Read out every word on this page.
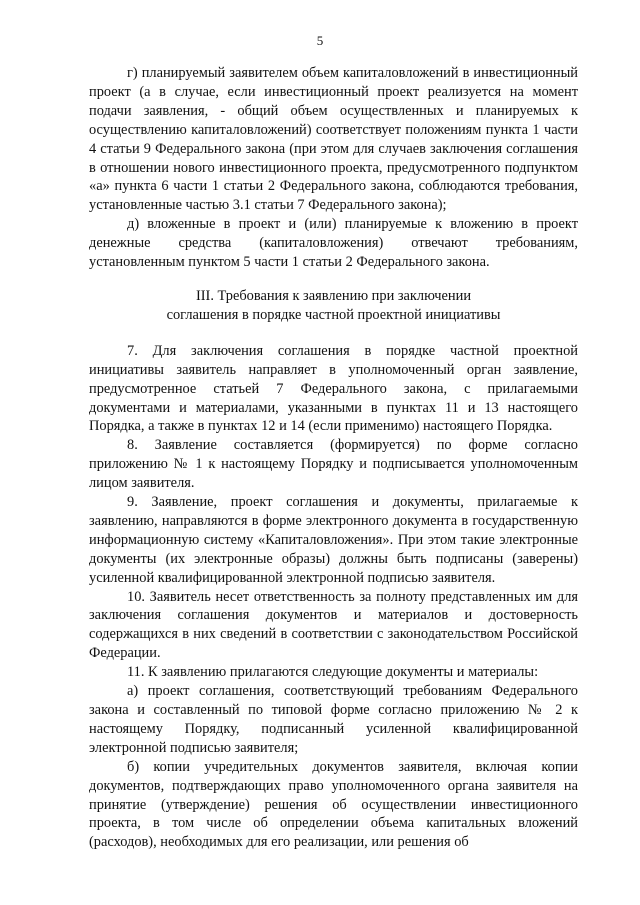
5

г) планируемый заявителем объем капиталовложений в инвестиционный проект (а в случае, если инвестиционный проект реализуется на момент подачи заявления, - общий объем осуществленных и планируемых к осуществлению капиталовложений) соответствует положениям пункта 1 части 4 статьи 9 Федерального закона (при этом для случаев заключения соглашения в отношении нового инвестиционного проекта, предусмотренного подпунктом «а» пункта 6 части 1 статьи 2 Федерального закона, соблюдаются требования, установленные частью 3.1 статьи 7 Федерального закона);

д) вложенные в проект и (или) планируемые к вложению в проект денежные средства (капиталовложения) отвечают требованиям, установленным пунктом 5 части 1 статьи 2 Федерального закона.

III. Требования к заявлению при заключении
соглашения в порядке частной проектной инициативы

7. Для заключения соглашения в порядке частной проектной инициативы заявитель направляет в уполномоченный орган заявление, предусмотренное статьей 7 Федерального закона, с прилагаемыми документами и материалами, указанными в пунктах 11 и 13 настоящего Порядка, а также в пунктах 12 и 14 (если применимо) настоящего Порядка.

8. Заявление составляется (формируется) по форме согласно приложению № 1 к настоящему Порядку и подписывается уполномоченным лицом заявителя.

9. Заявление, проект соглашения и документы, прилагаемые к заявлению, направляются в форме электронного документа в государственную информационную систему «Капиталовложения». При этом такие электронные документы (их электронные образы) должны быть подписаны (заверены) усиленной квалифицированной электронной подписью заявителя.

10. Заявитель несет ответственность за полноту представленных им для заключения соглашения документов и материалов и достоверность содержащихся в них сведений в соответствии с законодательством Российской Федерации.

11. К заявлению прилагаются следующие документы и материалы:

а) проект соглашения, соответствующий требованиям Федерального закона и составленный по типовой форме согласно приложению № 2 к настоящему Порядку, подписанный усиленной квалифицированной электронной подписью заявителя;

б) копии учредительных документов заявителя, включая копии документов, подтверждающих право уполномоченного органа заявителя на принятие (утверждение) решения об осуществлении инвестиционного проекта, в том числе об определении объема капитальных вложений (расходов), необходимых для его реализации, или решения об
